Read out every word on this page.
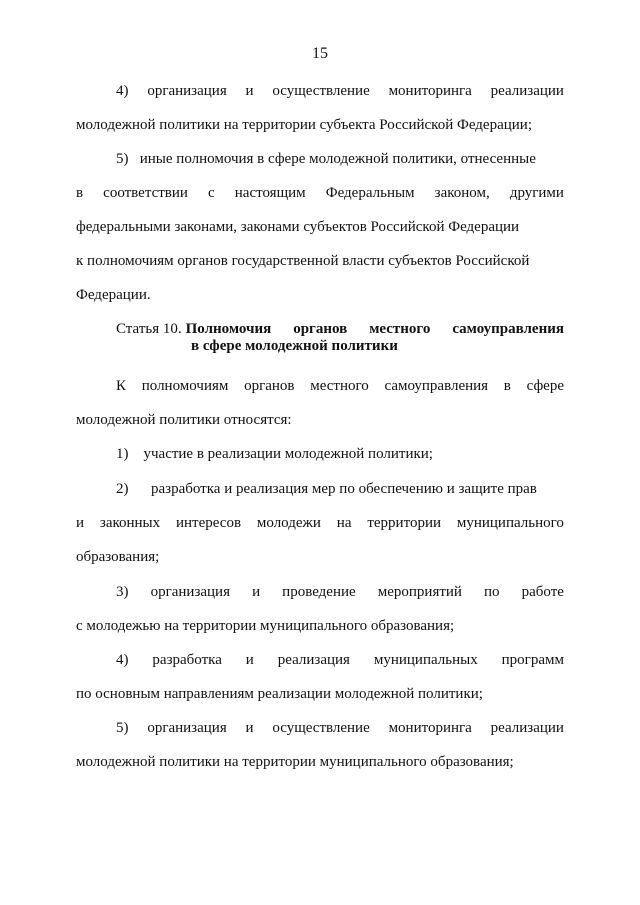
15
4) организация и осуществление мониторинга реализации
молодежной политики на территории субъекта Российской Федерации;
5)   иные полномочия в сфере молодежной политики, отнесенные
в соответствии с настоящим Федеральным законом, другими
федеральными законами, законами субъектов Российской Федерации
к полномочиям органов государственной власти субъектов Российской
Федерации.
Статья 10. Полномочия органов местного самоуправления
в сфере молодежной политики
К полномочиям органов местного самоуправления в сфере
молодежной политики относятся:
1)    участие в реализации молодежной политики;
2)      разработка и реализация мер по обеспечению и защите прав
и законных интересов молодежи на территории муниципального
образования;
3) организация и проведение мероприятий по работе
с молодежью на территории муниципального образования;
4) разработка и реализация муниципальных программ
по основным направлениям реализации молодежной политики;
5) организация и осуществление мониторинга реализации
молодежной политики на территории муниципального образования;
